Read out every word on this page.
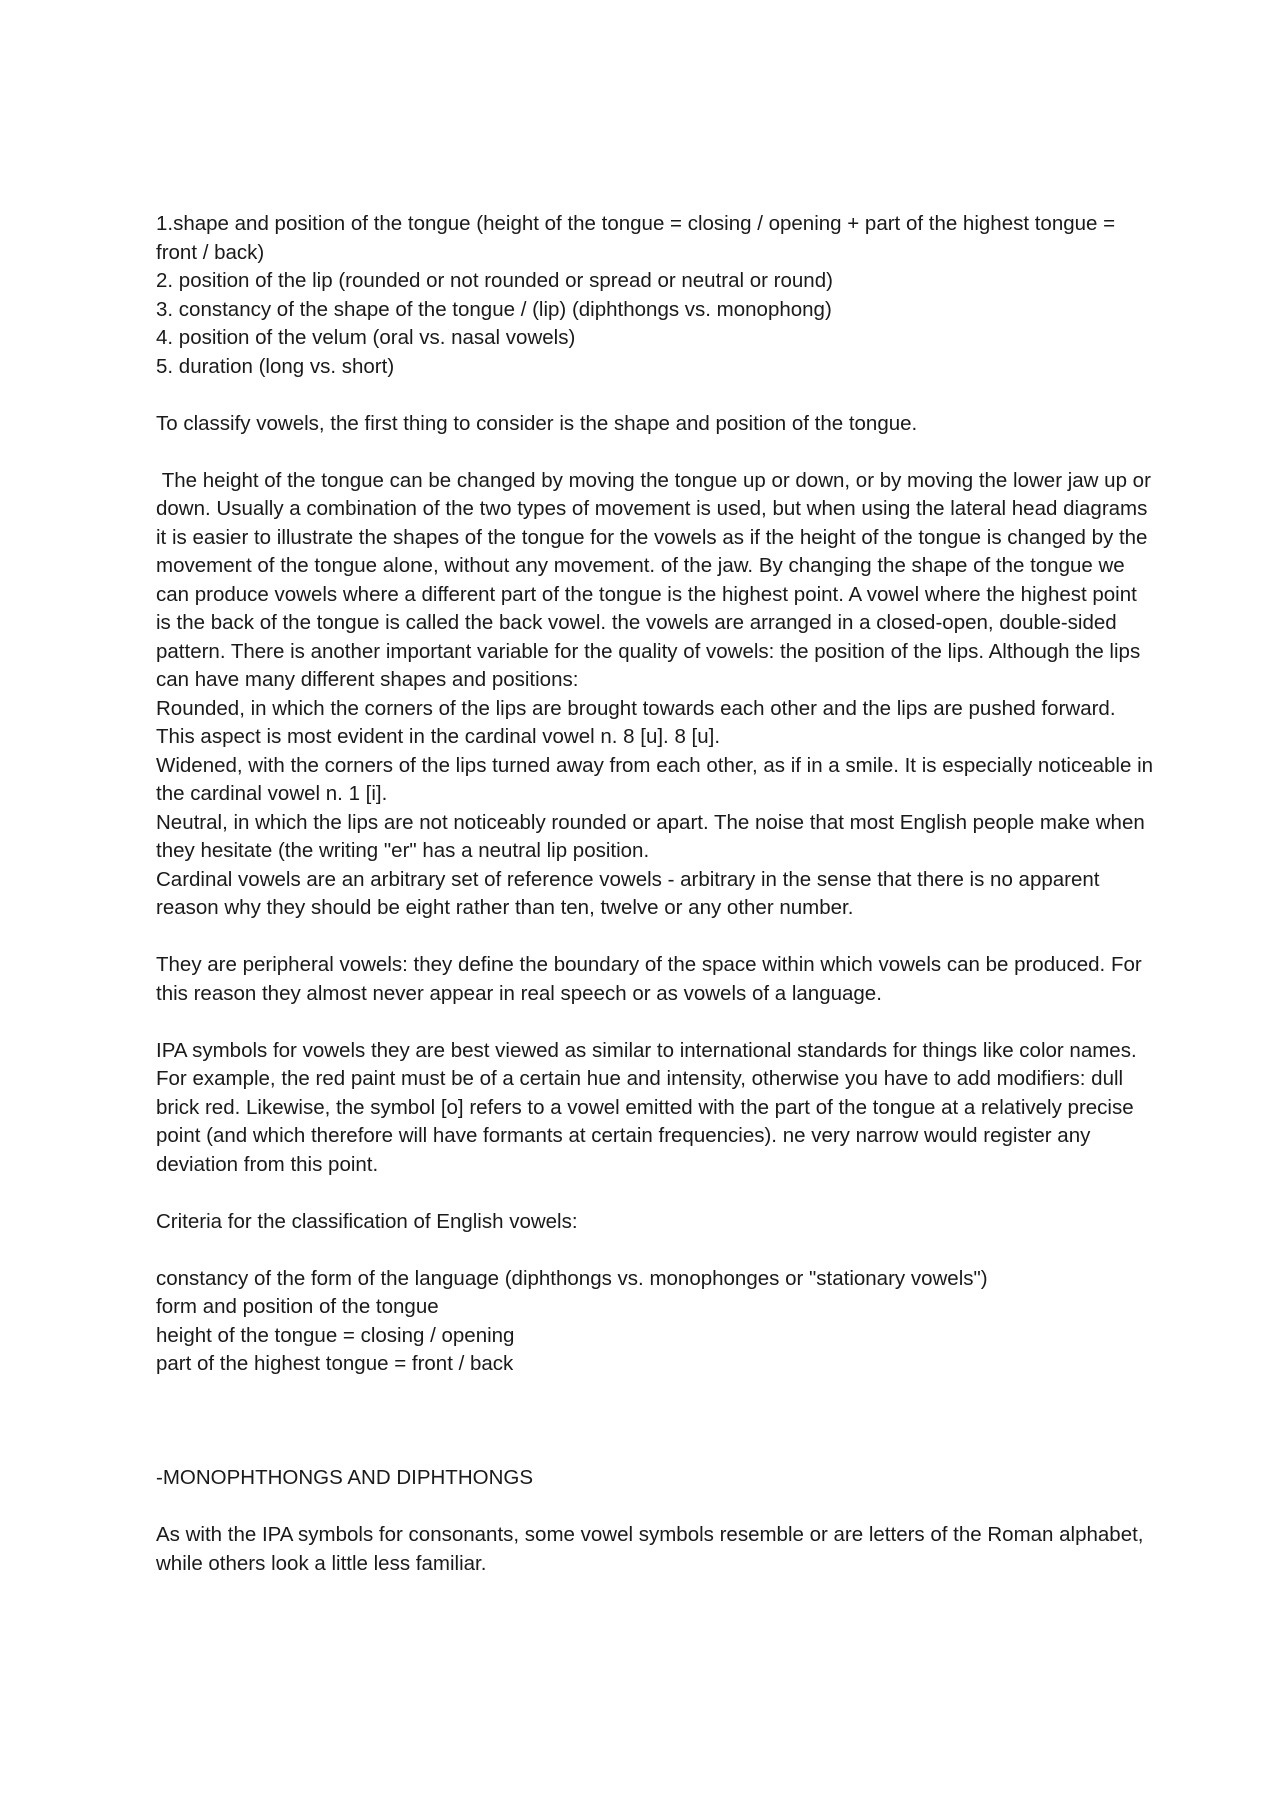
1.shape and position of the tongue (height of the tongue = closing / opening + part of the highest tongue = front / back)

2. position of the lip (rounded or not rounded or spread or neutral or round)

3. constancy of the shape of the tongue / (lip) (diphthongs vs. monophong)

4. position of the velum (oral vs. nasal vowels)

5. duration (long vs. short)

To classify vowels, the first thing to consider is the shape and position of the tongue.

The height of the tongue can be changed by moving the tongue up or down, or by moving the lower jaw up or down. Usually a combination of the two types of movement is used, but when using the lateral head diagrams it is easier to illustrate the shapes of the tongue for the vowels as if the height of the tongue is changed by the movement of the tongue alone, without any movement. of the jaw. By changing the shape of the tongue we can produce vowels where a different part of the tongue is the highest point. A vowel where the highest point is the back of the tongue is called the back vowel. the vowels are arranged in a closed-open, double-sided pattern. There is another important variable for the quality of vowels: the position of the lips. Although the lips can have many different shapes and positions:

Rounded, in which the corners of the lips are brought towards each other and the lips are pushed forward. This aspect is most evident in the cardinal vowel n. 8 [u]. 8 [u].

Widened, with the corners of the lips turned away from each other, as if in a smile. It is especially noticeable in the cardinal vowel n. 1 [i].

Neutral, in which the lips are not noticeably rounded or apart. The noise that most English people make when they hesitate (the writing "er" has a neutral lip position.

Cardinal vowels are an arbitrary set of reference vowels - arbitrary in the sense that there is no apparent reason why they should be eight rather than ten, twelve or any other number.

They are peripheral vowels: they define the boundary of the space within which vowels can be produced. For this reason they almost never appear in real speech or as vowels of a language.

IPA symbols for vowels they are best viewed as similar to international standards for things like color names. For example, the red paint must be of a certain hue and intensity, otherwise you have to add modifiers: dull brick red. Likewise, the symbol [o] refers to a vowel emitted with the part of the tongue at a relatively precise point (and which therefore will have formants at certain frequencies). ne very narrow would register any deviation from this point.

Criteria for the classification of English vowels:

constancy of the form of the language (diphthongs vs. monophonges or "stationary vowels")

form and position of the tongue

height of the tongue = closing / opening

part of the highest tongue = front / back

-MONOPHTHONGS AND DIPHTHONGS

As with the IPA symbols for consonants, some vowel symbols resemble or are letters of the Roman alphabet, while others look a little less familiar.
